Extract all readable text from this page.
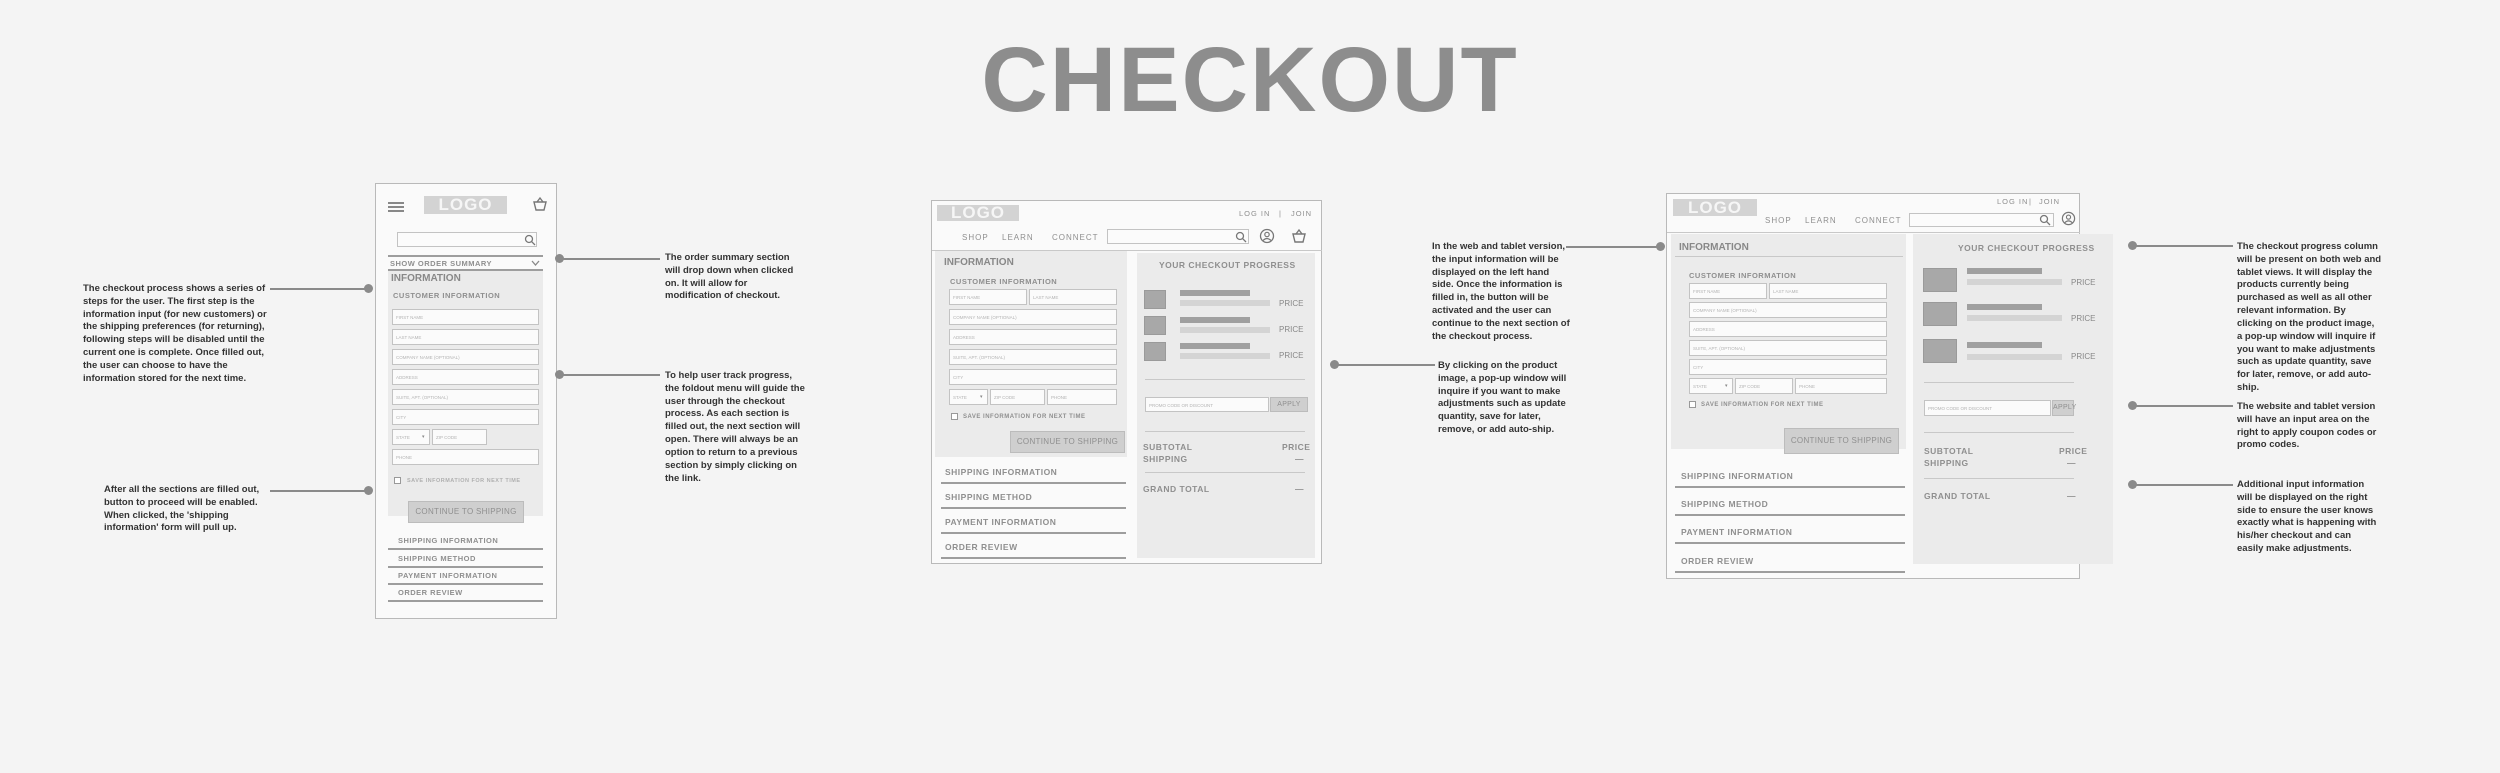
CHECKOUT
The checkout process shows a series of steps for the user. The first step is the information input (for new customers) or the shipping preferences (for returning), following steps will be disabled until the current one is complete. Once filled out, the user can choose to have the information stored for the next time.
After all the sections are filled out, button to proceed will be enabled. When clicked, the 'shipping information' form will pull up.
LOGO
SHOW ORDER SUMMARY
INFORMATION
CUSTOMER INFORMATION
FIRST NAME
LAST NAME
COMPANY NAME (OPTIONAL)
ADDRESS
SUITE, APT. (OPTIONAL)
CITY
STATE	▾	ZIP CODE
PHONE
SAVE INFORMATION FOR NEXT TIME
CONTINUE TO SHIPPING
SHIPPING INFORMATION
SHIPPING METHOD
PAYMENT INFORMATION
ORDER REVIEW
The order summary section will drop down when clicked on. It will allow for modification of checkout.
To help user track progress, the foldout menu will guide the user through the checkout process. As each section is filled out, the next section will open. There will always be an option to return to a previous section by simply clicking on the link.
LOGO	LOG IN | JOIN
SHOP LEARN CONNECT
INFORMATION
CUSTOMER INFORMATION
FIRST NAME	LAST NAME
COMPANY NAME (OPTIONAL)
ADDRESS
SUITE, APT. (OPTIONAL)
CITY
STATE	▾	ZIP CODE	PHONE
SAVE INFORMATION FOR NEXT TIME
CONTINUE TO SHIPPING
SHIPPING INFORMATION
SHIPPING METHOD
PAYMENT INFORMATION
ORDER REVIEW
YOUR CHECKOUT PROGRESS
PRICE
PRICE
PRICE
PROMO CODE OR DISCOUNT	APPLY
SUBTOTAL	PRICE
SHIPPING	—
GRAND TOTAL	—
By clicking on the product image, a pop-up window will inquire if you want to make adjustments such as update quantity, save for later, remove, or add auto-ship.
In the web and tablet version, the input information will be displayed on the left hand side. Once the information is filled in, the button will be activated and the user can continue to the next section of the checkout process.
LOGO	JOIN
LOG IN |
SHOP LEARN CONNECT
INFORMATION
CUSTOMER INFORMATION
FIRST NAME	LAST NAME
COMPANY NAME (OPTIONAL)
ADDRESS
SUITE, APT. (OPTIONAL)
CITY
STATE	▾	ZIP CODE	PHONE
SAVE INFORMATION FOR NEXT TIME
CONTINUE TO SHIPPING
SHIPPING INFORMATION
SHIPPING METHOD
PAYMENT INFORMATION
ORDER REVIEW
YOUR CHECKOUT PROGRESS
PRICE
PRICE
PRICE
PROMO CODE OR DISCOUNT	APPLY
SUBTOTAL	PRICE
SHIPPING	—
GRAND TOTAL	—
The checkout progress column will be present on both web and tablet views. It will display the products currently being purchased as well as all other relevant information. By clicking on the product image, a pop-up window will inquire if you want to make adjustments such as update quantity, save for later, remove, or add auto-ship.
The website and tablet version will have an input area on the right to apply coupon codes or promo codes.
Additional input information will be displayed on the right side to ensure the user knows exactly what is happening with his/her checkout and can easily make adjustments.
